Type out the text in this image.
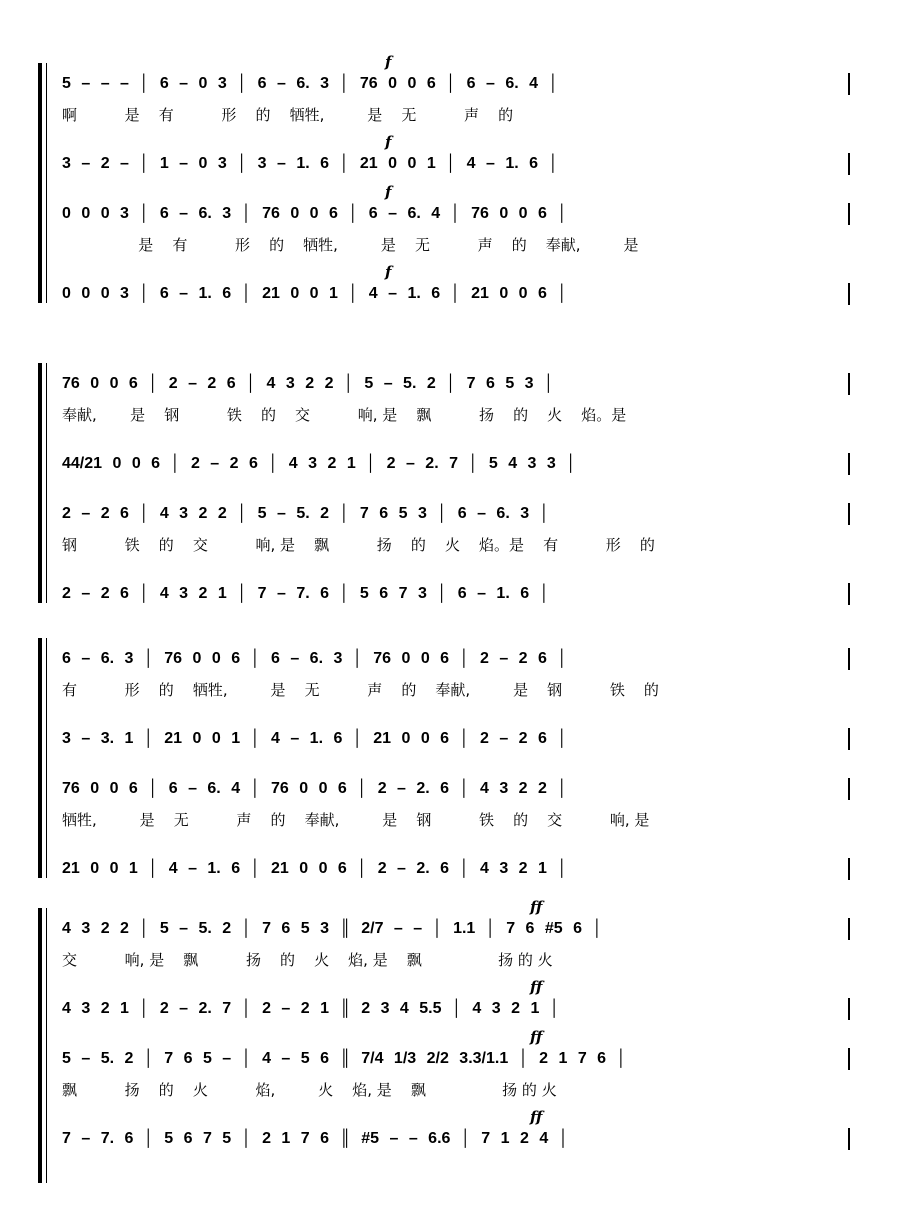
5 – – – │ 6 – 0 3 │ 6 – 6. 3 │ 76 0 0 6 │ 6 – 6. 4 │
啊          是    有          形    的    牺牲,         是    无          声    的
3 – 2 – │ 1 – 0 3 │ 3 – 1. 6 │ 21 0 0 1 │ 4 – 1. 6 │
0 0 0 3 │ 6 – 6. 3 │ 76 0 0 6 │ 6 – 6. 4 │ 76 0 0 6 │
是    有          形    的    牺牲,         是    无          声    的    奉献,         是
0 0 0 3 │ 6 – 1. 6 │ 21 0 0 1 │ 4 – 1. 6 │ 21 0 0 6 │
f
f
f
f
76 0 0 6 │ 2 – 2 6 │ 4 3 2 2 │ 5 – 5. 2 │ 7 6 5 3 │
奉献,       是    钢          铁    的    交          响, 是    飘          扬    的    火    焰。是
44/21 0 0 6 │ 2 – 2 6 │ 4 3 2 1 │ 2 – 2. 7 │ 5 4 3 3 │
2 – 2 6 │ 4 3 2 2 │ 5 – 5. 2 │ 7 6 5 3 │ 6 – 6. 3 │
钢          铁    的    交          响, 是    飘          扬    的    火    焰。是    有          形    的
2 – 2 6 │ 4 3 2 1 │ 7 – 7. 6 │ 5 6 7 3 │ 6 – 1. 6 │
6 – 6. 3 │ 76 0 0 6 │ 6 – 6. 3 │ 76 0 0 6 │ 2 – 2 6 │
有          形    的    牺牲,         是    无          声    的    奉献,         是    钢          铁    的
3 – 3. 1 │ 21 0 0 1 │ 4 – 1. 6 │ 21 0 0 6 │ 2 – 2 6 │
76 0 0 6 │ 6 – 6. 4 │ 76 0 0 6 │ 2 – 2. 6 │ 4 3 2 2 │
牺牲,         是    无          声    的    奉献,         是    钢          铁    的    交          响, 是
21 0 0 1 │ 4 – 1. 6 │ 21 0 0 6 │ 2 – 2. 6 │ 4 3 2 1 │
4 3 2 2 │ 5 – 5. 2 │ 7 6 5 3 ║ 2/7 – – │ 1.1 │ 7 6 #5 6 │
交          响, 是    飘          扬    的    火    焰, 是    飘                扬 的 火
4 3 2 1 │ 2 – 2. 7 │ 2 – 2 1 ║ 2 3 4 5.5 │ 4 3 2 1 │
5 – 5. 2 │ 7 6 5 – │ 4 – 5 6 ║ 7/4 1/3 2/2 3.3/1.1 │ 2 1 7 6 │
飘          扬    的    火          焰,         火    焰, 是    飘                扬 的 火
7 – 7. 6 │ 5 6 7 5 │ 2 1 7 6 ║ #5 – – 6.6 │ 7 1 2 4 │
ff
ff
ff
ff
